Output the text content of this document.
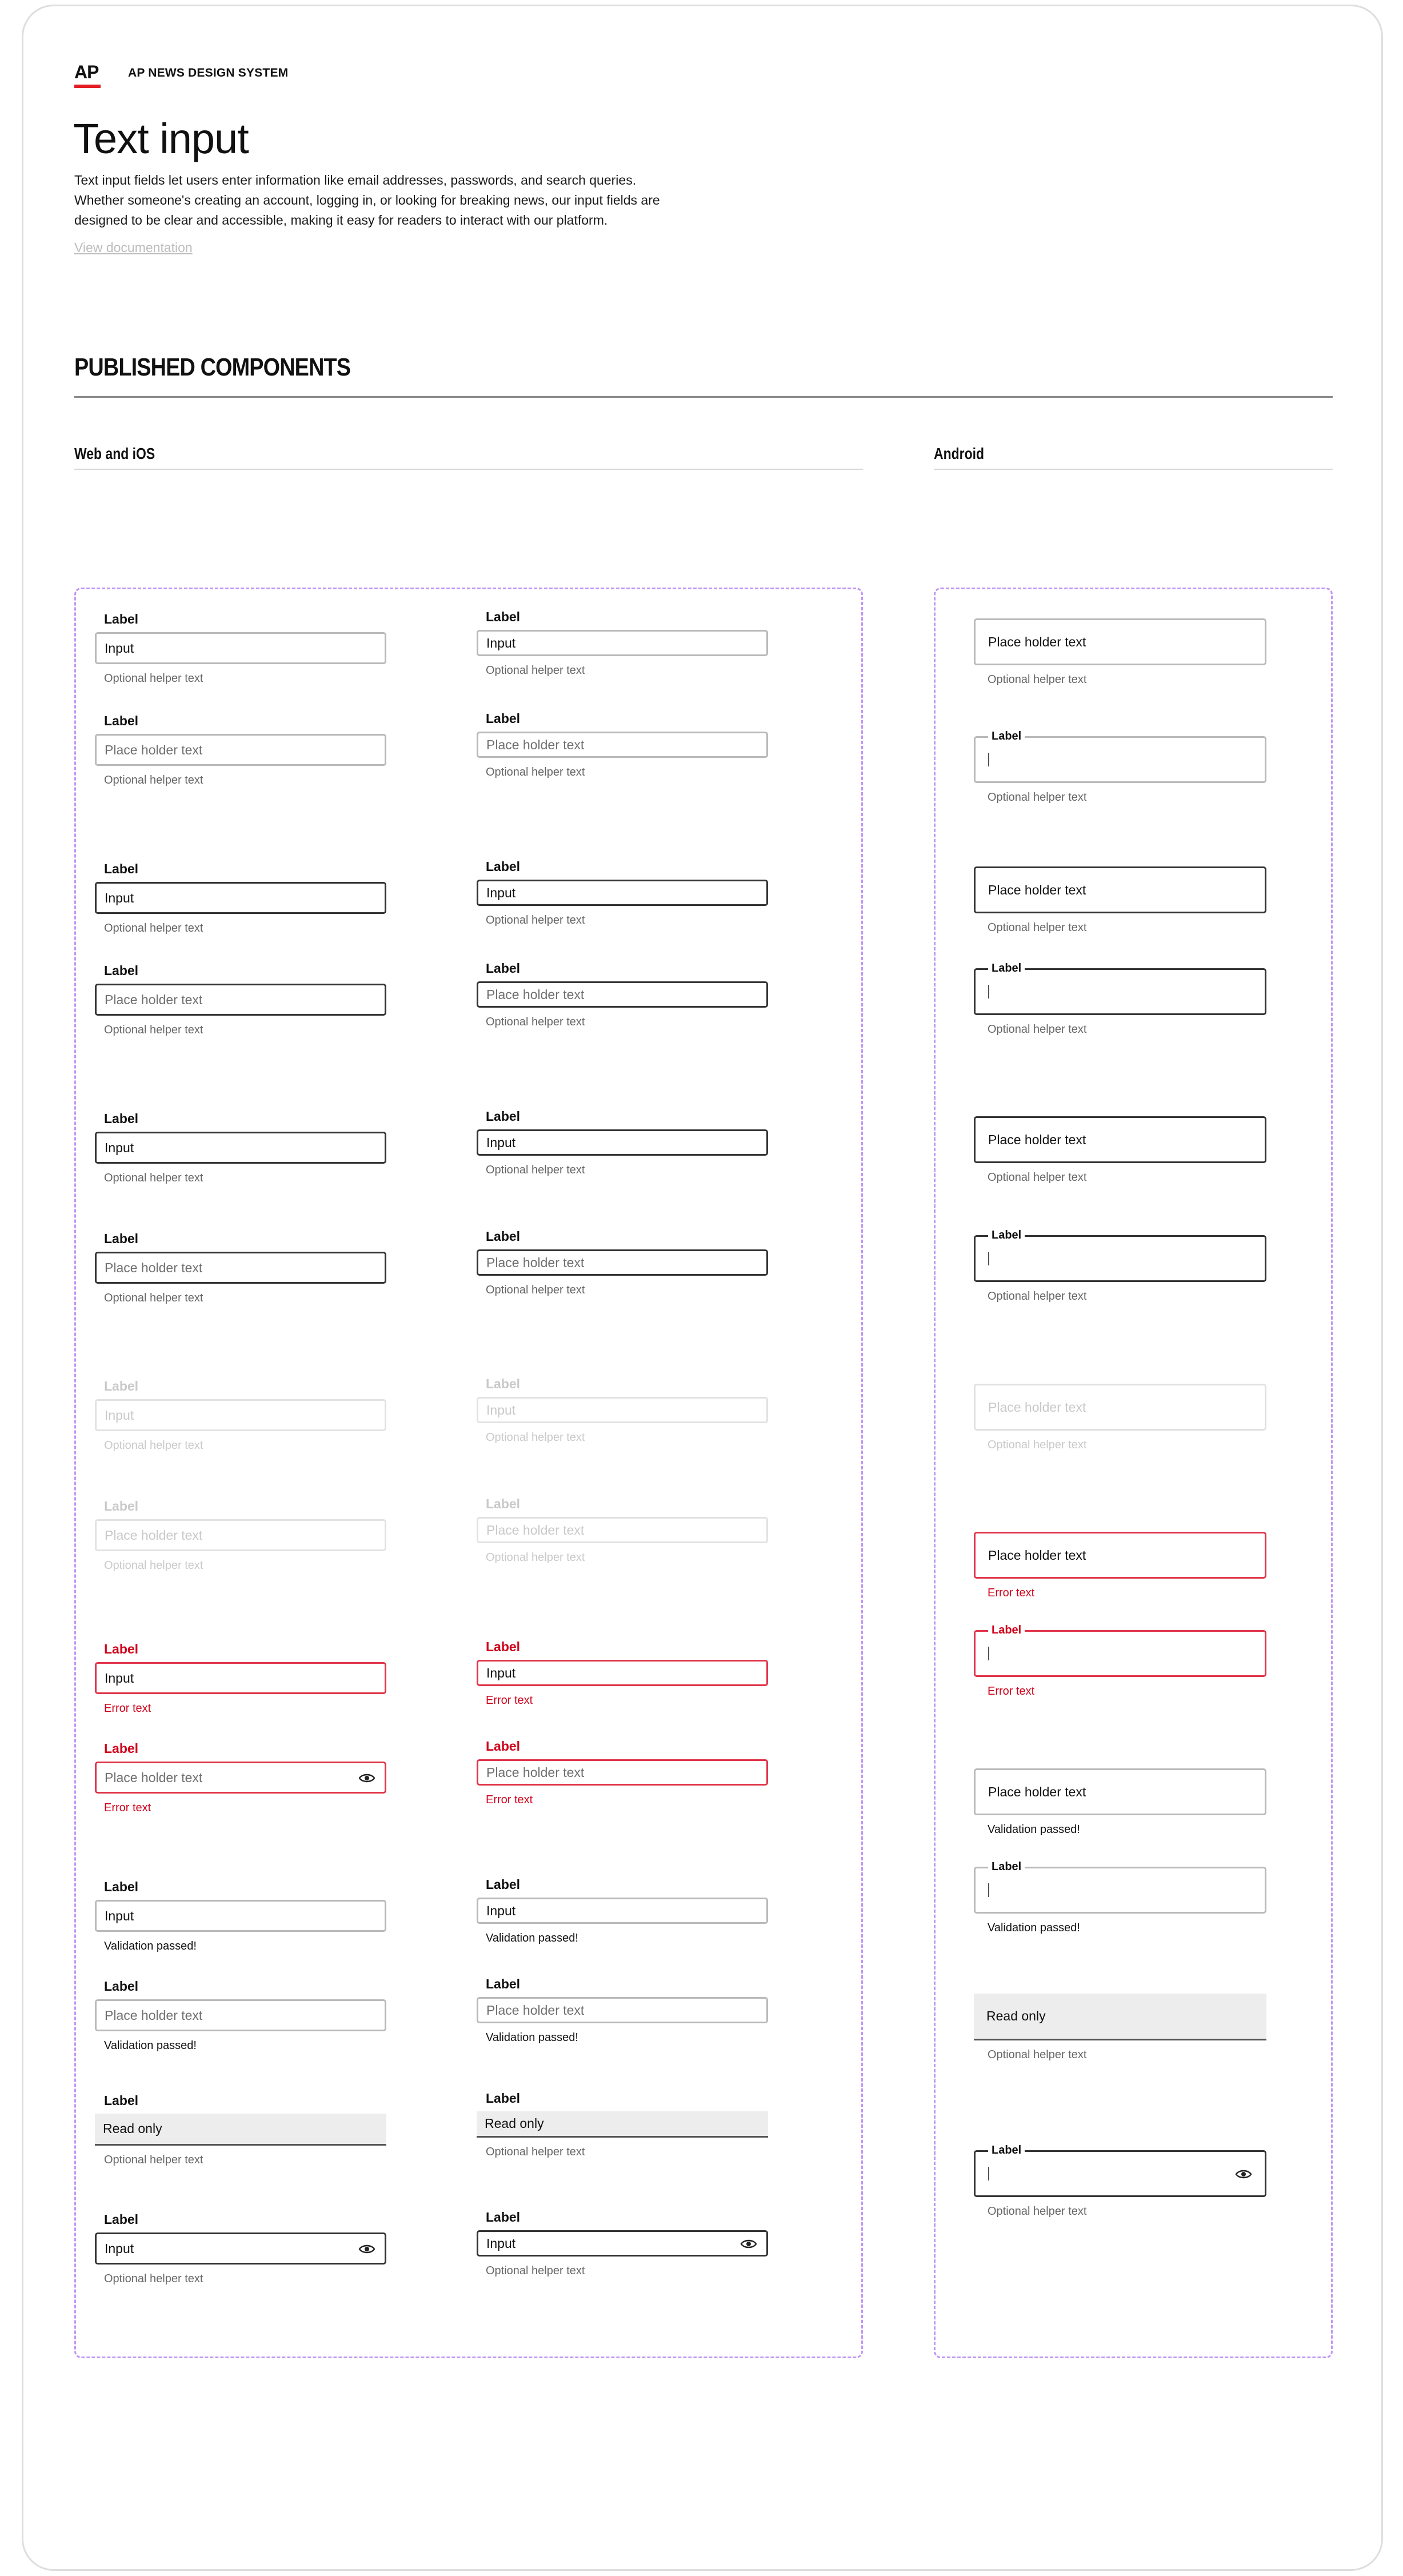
AP AP NEWS DESIGN SYSTEM
Text input

Text input fields let users enter information like email addresses, passwords, and search queries. Whether someone's creating an account, logging in, or looking for breaking news, our input fields are designed to be clear and accessible, making it easy for readers to interact with our platform.

View documentation
PUBLISHED COMPONENTS
Web and iOS	Android
Label
Input
Optional helper text
Label
Input
Optional helper text
Label
Place holder text
Optional helper text
Label
Place holder text
Optional helper text
Label
Input
Optional helper text
Label
Input
Optional helper text
Label
Place holder text
Optional helper text
Label
Place holder text
Optional helper text
Label
Input
Optional helper text
Label
Input
Optional helper text
Label
Place holder text
Optional helper text
Label
Place holder text
Optional helper text
Label
Input
Optional helper text
Label
Input
Optional helper text
Label
Place holder text
Optional helper text
Label
Place holder text
Optional helper text
Label
Input
Error text
Label
Input
Error text
Label
Place holder text
Error text
Label
Place holder text
Error text
Label
Input
Validation passed!
Label
Input
Validation passed!
Label
Place holder text
Validation passed!
Label
Place holder text
Validation passed!
Label
Read only
Optional helper text
Label
Read only
Optional helper text
Label
Input
Optional helper text
Label
Input
Optional helper text
Place holder text
Optional helper text
Label
Optional helper text
Place holder text
Optional helper text
Label
Optional helper text
Place holder text
Optional helper text
Label
Optional helper text
Place holder text
Optional helper text
Place holder text
Error text
Label
Error text
Place holder text
Validation passed!
Label
Validation passed!
Read only
Optional helper text
Label
Optional helper text
